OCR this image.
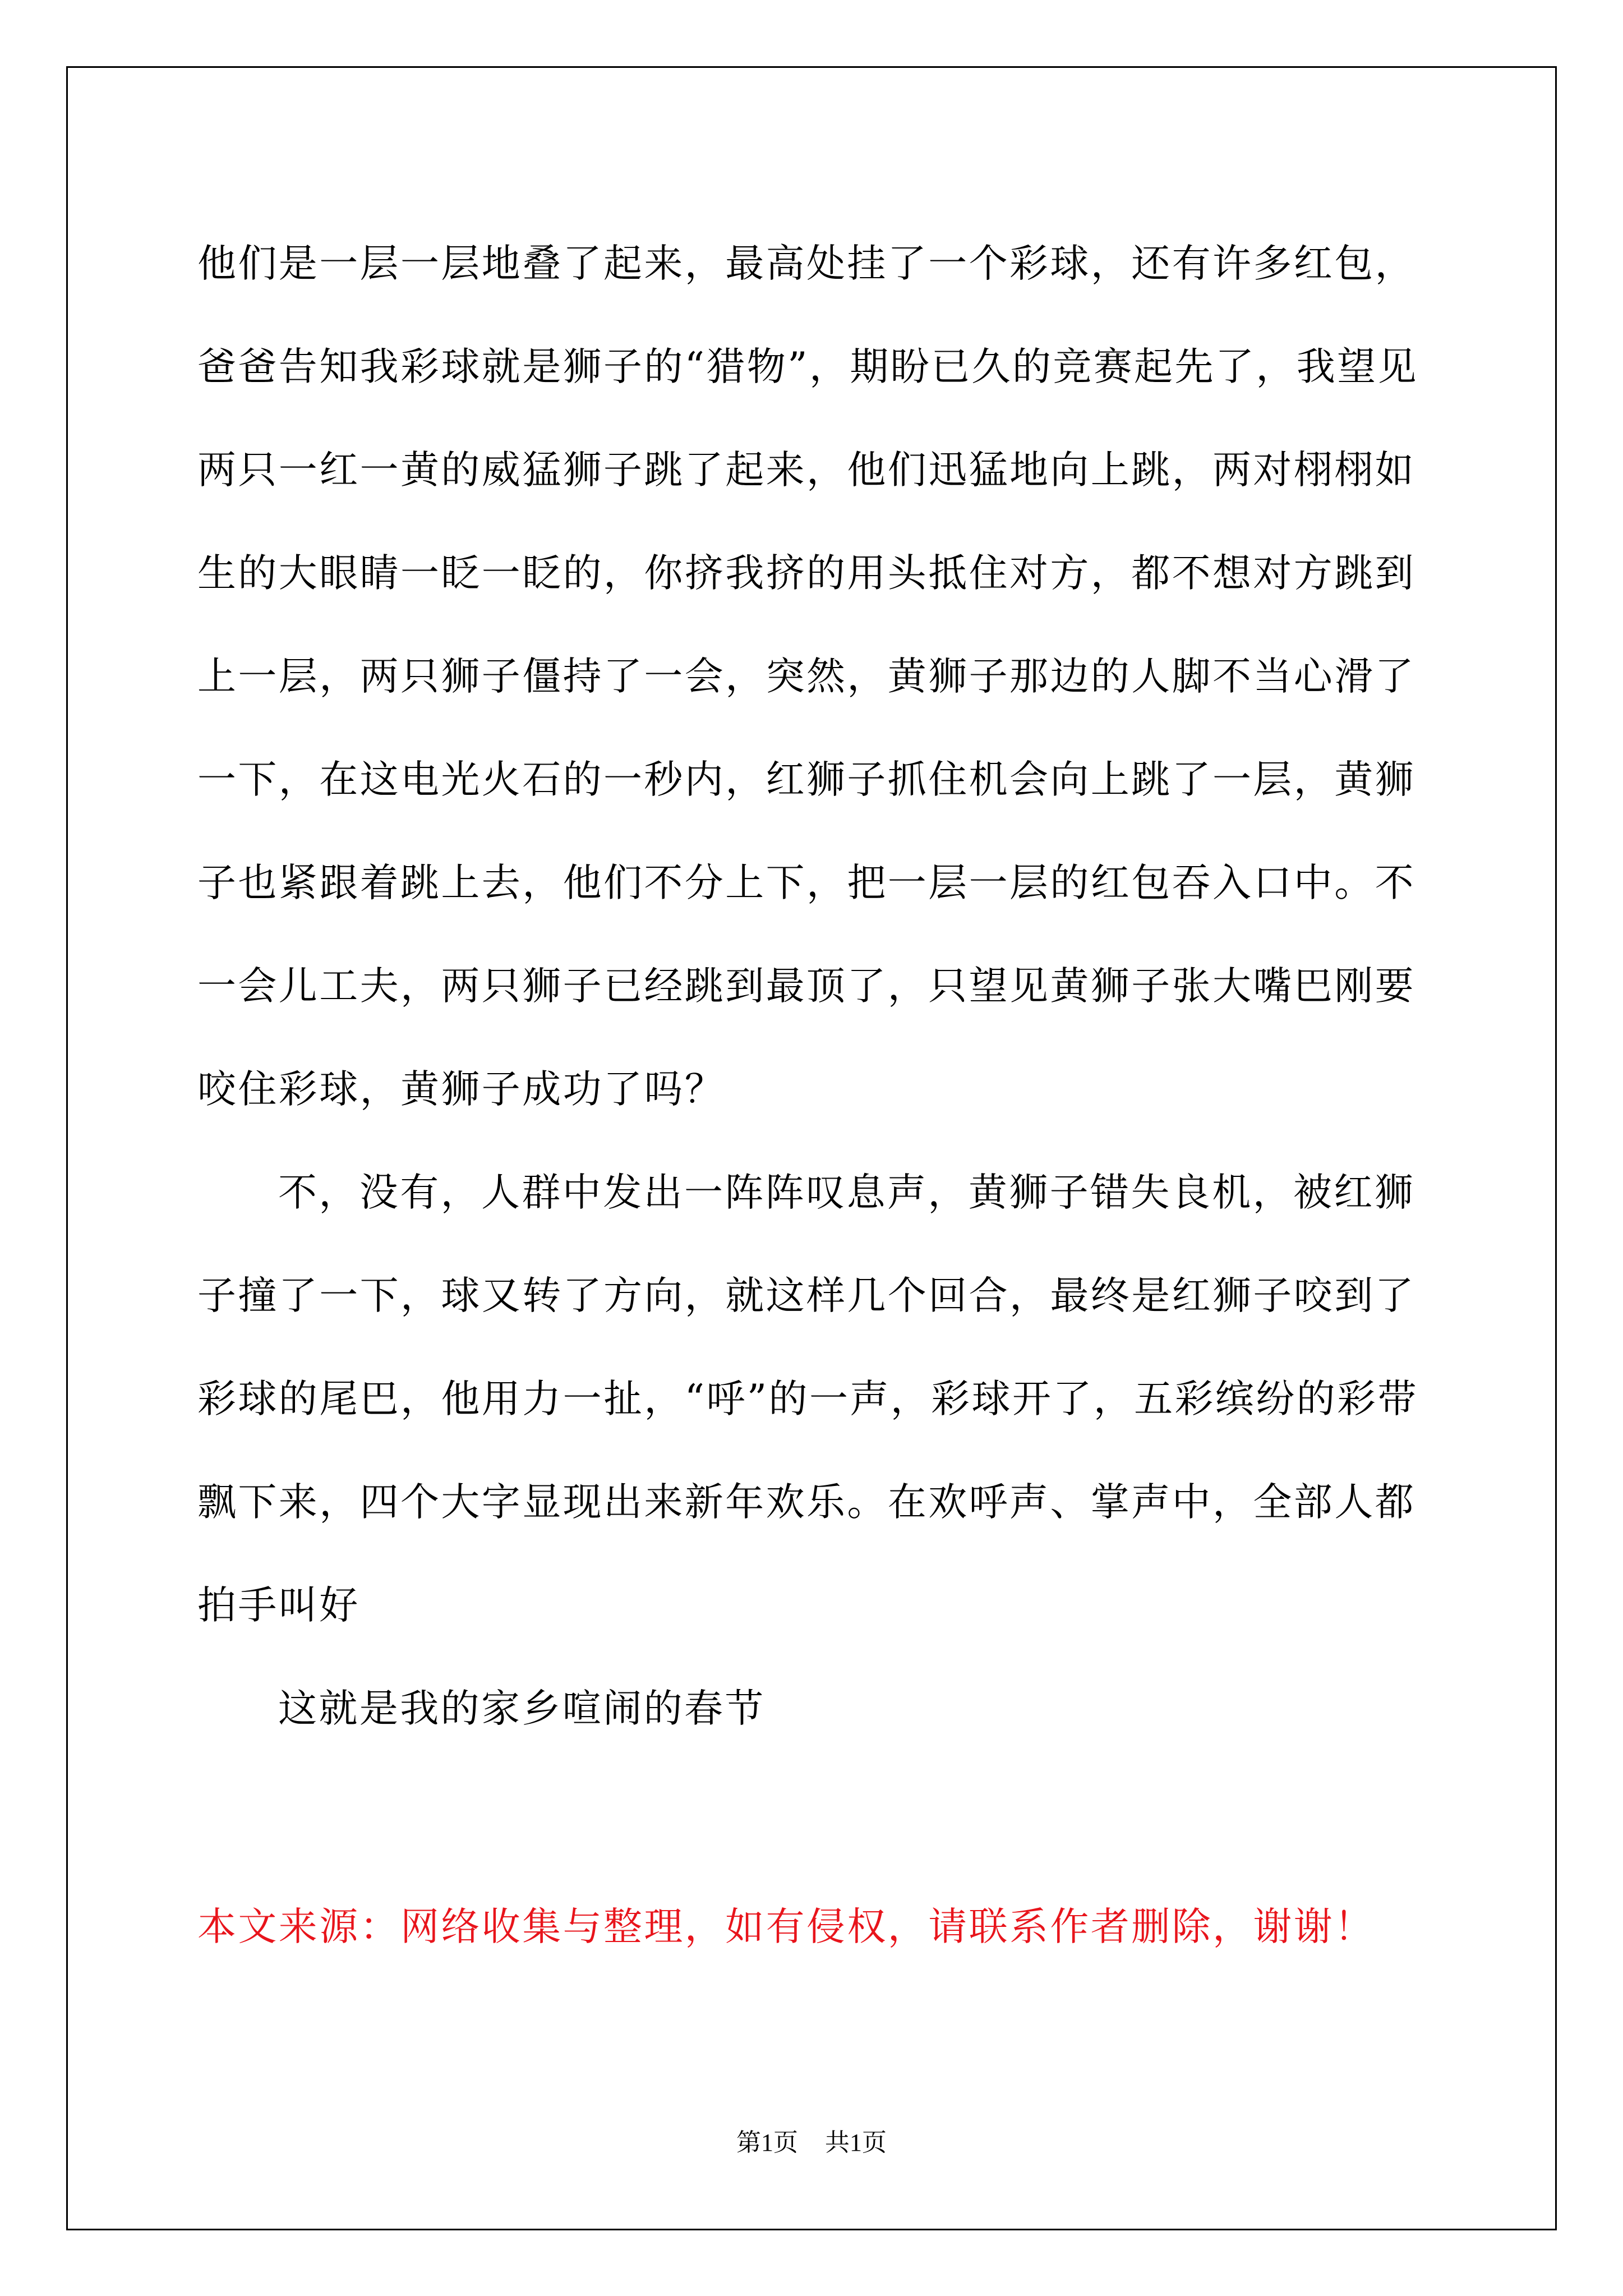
他们是一层一层地叠了起来，最高处挂了一个彩球，还有许多红包，爸爸告知我彩球就是狮子的“猎物”，期盼已久的竞赛起先了，我望见两只一红一黄的威猛狮子跳了起来，他们迅猛地向上跳，两对栩栩如生的大眼睛一眨一眨的，你挤我挤的用头抵住对方，都不想对方跳到上一层，两只狮子僵持了一会，突然，黄狮子那边的人脚不当心滑了一下，在这电光火石的一秒内，红狮子抓住机会向上跳了一层，黄狮子也紧跟着跳上去，他们不分上下，把一层一层的红包吞入口中。不一会儿工夫，两只狮子已经跳到最顶了，只望见黄狮子张大嘴巴刚要咬住彩球，黄狮子成功了吗？

不，没有，人群中发出一阵阵叹息声，黄狮子错失良机，被红狮子撞了一下，球又转了方向，就这样几个回合，最终是红狮子咬到了彩球的尾巴，他用力一扯，“呼”的一声，彩球开了，五彩缤纷的彩带飘下来，四个大字显现出来新年欢乐。在欢呼声、掌声中，全部人都拍手叫好

这就是我的家乡喧闹的春节

本文来源：网络收集与整理，如有侵权，请联系作者删除，谢谢！
第1页 共1页
